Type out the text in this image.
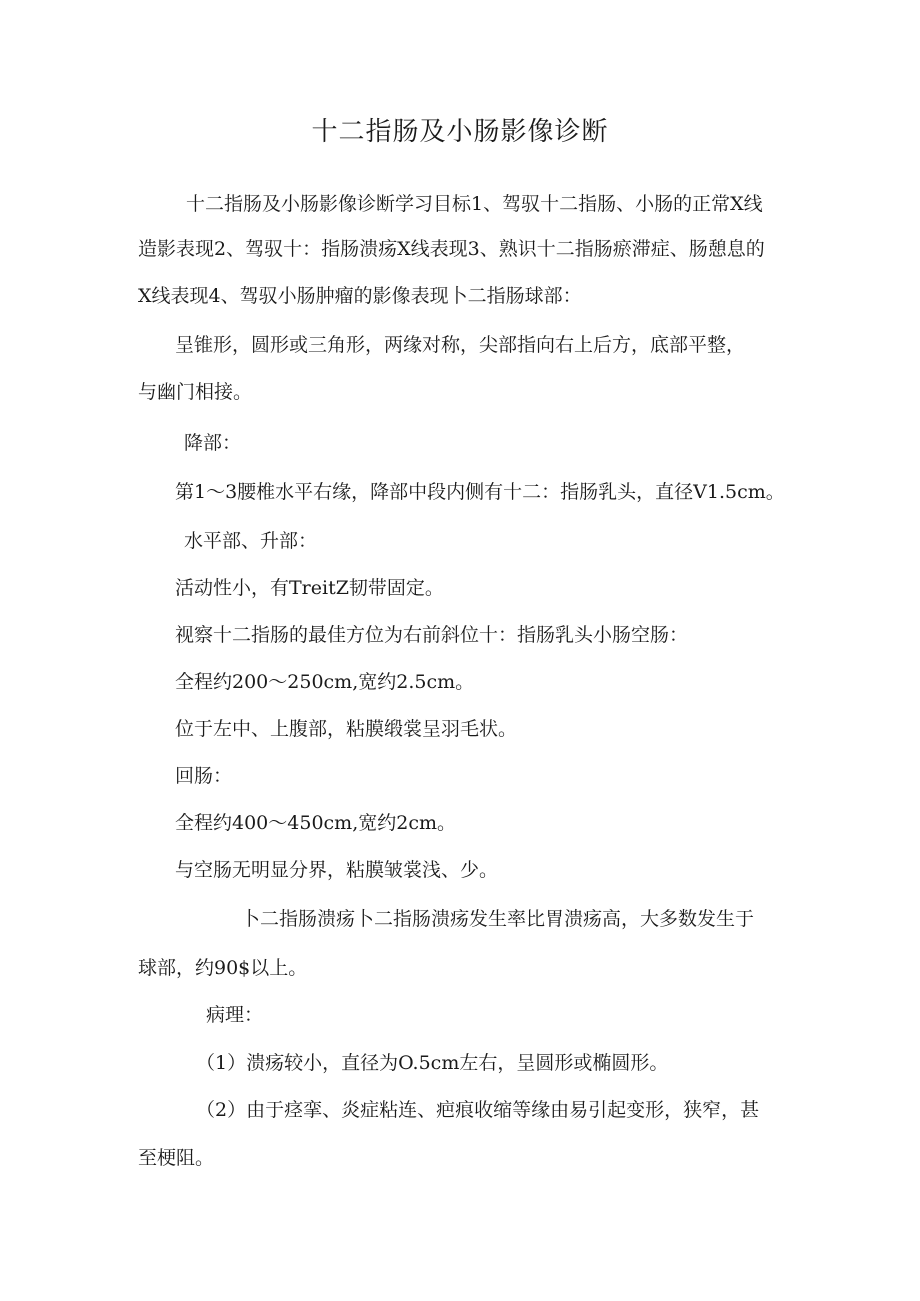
十二指肠及小肠影像诊断
十二指肠及小肠影像诊断学习目标1、驾驭十二指肠、小肠的正常X线
造影表现2、驾驭十：指肠溃疡X线表现3、熟识十二指肠瘀滞症、肠憩息的
X线表现4、驾驭小肠肿瘤的影像表现卜二指肠球部：
呈锥形，圆形或三角形，两缘对称，尖部指向右上后方，底部平整，
与幽门相接。
降部：
第1〜3腰椎水平右缘，降部中段内侧有十二：指肠乳头，直径V1.5cm。
水平部、升部：
活动性小，有TreitZ韧带固定。
视察十二指肠的最佳方位为右前斜位十：指肠乳头小肠空肠：
全程约200〜250cm,宽约2.5cm。
位于左中、上腹部，粘膜缎裳呈羽毛状。
回肠：
全程约400〜450cm,宽约2cm。
与空肠无明显分界，粘膜皱裳浅、少。
卜二指肠溃疡卜二指肠溃疡发生率比胃溃疡高，大多数发生于
球部，约90$以上。
病理：
（1）溃疡较小，直径为O.5cm左右，呈圆形或椭圆形。
（2）由于痉挛、炎症粘连、疤痕收缩等缘由易引起变形，狭窄，甚
至梗阻。
